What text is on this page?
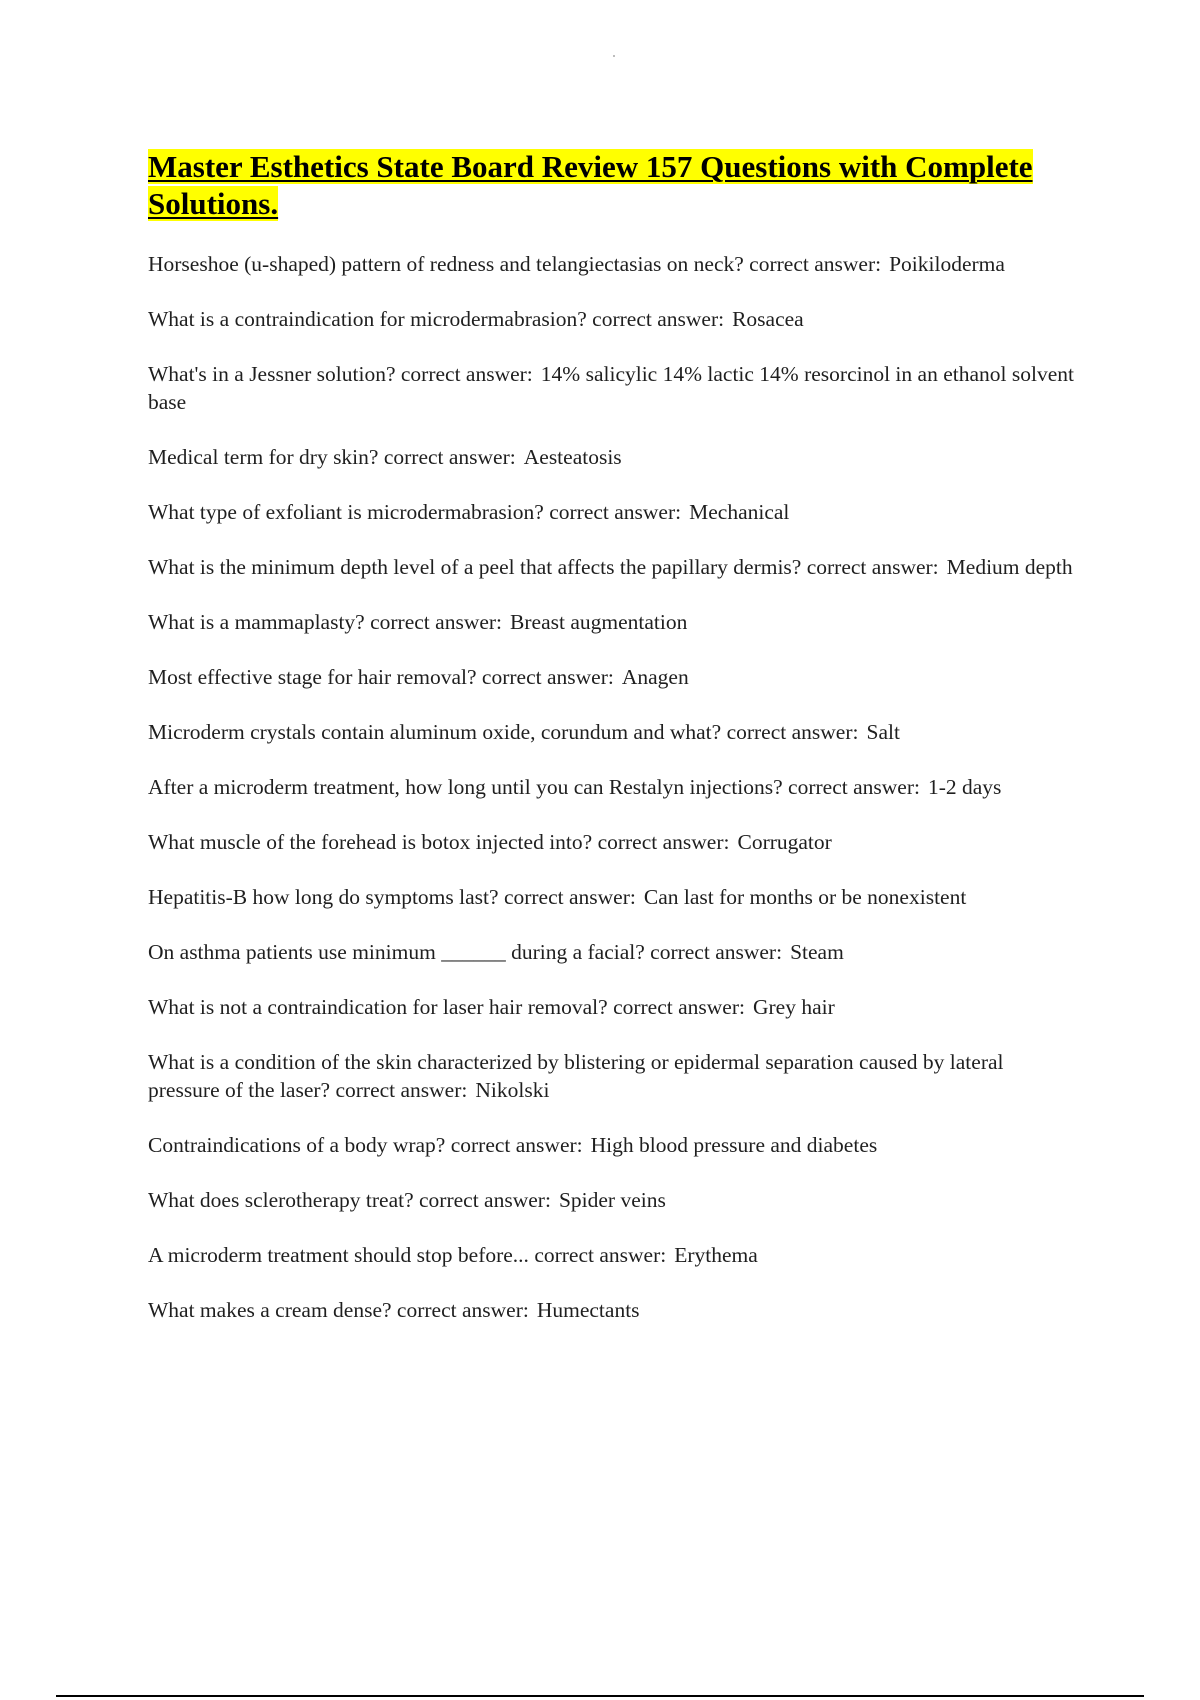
Master Esthetics State Board Review 157 Questions with Complete Solutions.
Horseshoe (u-shaped) pattern of redness and telangiectasias on neck? correct answer: Poikiloderma
What is a contraindication for microdermabrasion? correct answer: Rosacea
What's in a Jessner solution? correct answer: 14% salicylic 14% lactic 14% resorcinol in an ethanol solvent base
Medical term for dry skin? correct answer: Aesteatosis
What type of exfoliant is microdermabrasion? correct answer: Mechanical
What is the minimum depth level of a peel that affects the papillary dermis? correct answer: Medium depth
What is a mammaplasty? correct answer: Breast augmentation
Most effective stage for hair removal? correct answer: Anagen
Microderm crystals contain aluminum oxide, corundum and what? correct answer: Salt
After a microderm treatment, how long until you can Restalyn injections? correct answer: 1-2 days
What muscle of the forehead is botox injected into? correct answer: Corrugator
Hepatitis-B how long do symptoms last? correct answer: Can last for months or be nonexistent
On asthma patients use minimum ______ during a facial? correct answer: Steam
What is not a contraindication for laser hair removal? correct answer: Grey hair
What is a condition of the skin characterized by blistering or epidermal separation caused by lateral pressure of the laser? correct answer: Nikolski
Contraindications of a body wrap? correct answer: High blood pressure and diabetes
What does sclerotherapy treat? correct answer: Spider veins
A microderm treatment should stop before... correct answer: Erythema
What makes a cream dense? correct answer: Humectants
